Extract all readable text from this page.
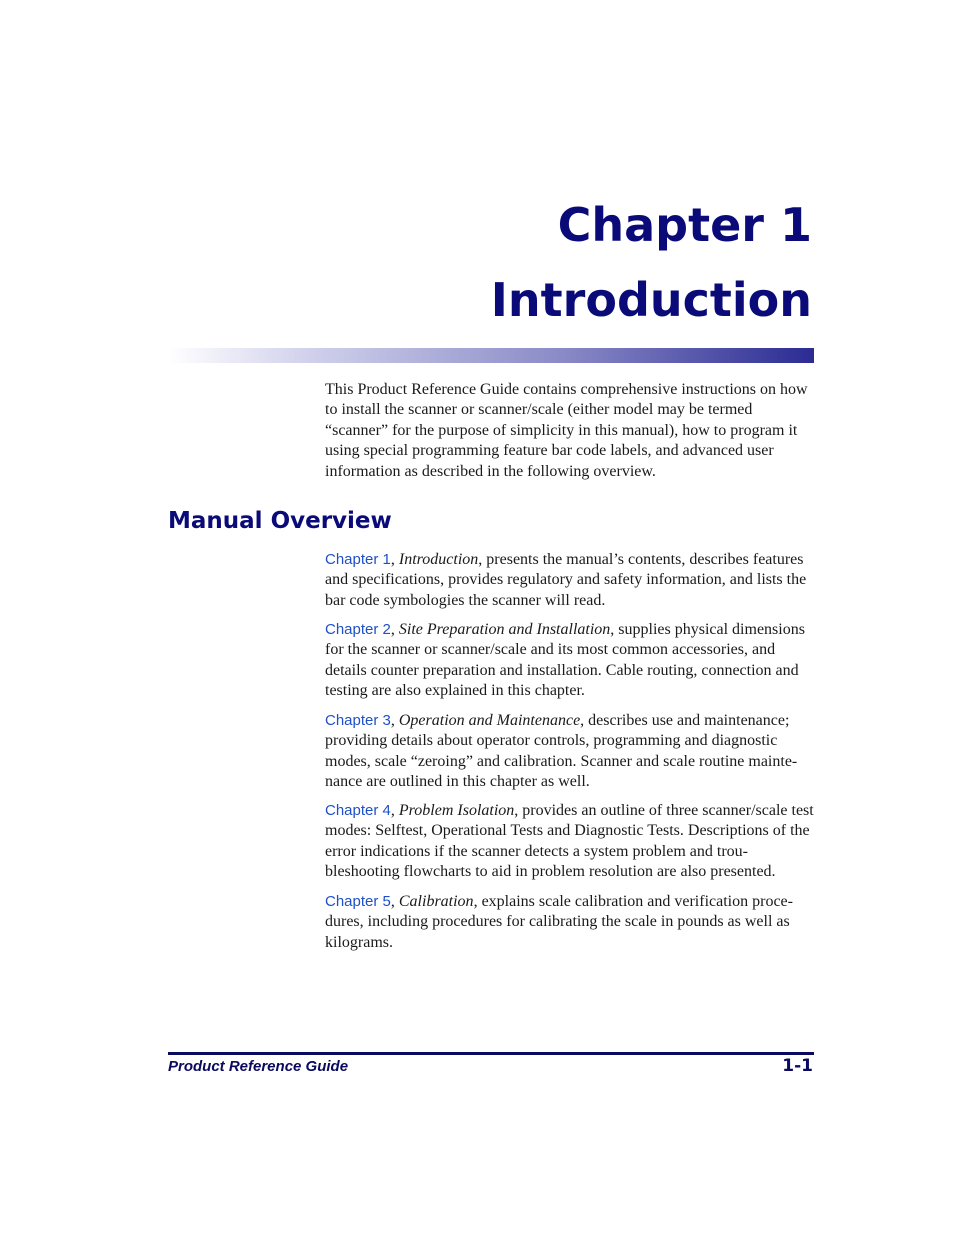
Chapter 1
Introduction

This Product Reference Guide contains comprehensive instructions on how to install the scanner or scanner/scale (either model may be termed “scanner” for the purpose of simplicity in this manual), how to program it using special programming feature bar code labels, and advanced user information as described in the following overview.

Manual Overview

Chapter 1, Introduction, presents the manual’s contents, describes features and specifications, provides regulatory and safety information, and lists the bar code symbologies the scanner will read.

Chapter 2, Site Preparation and Installation, supplies physical dimensions for the scanner or scanner/scale and its most common accessories, and details counter preparation and installation. Cable routing, connection and testing are also explained in this chapter.

Chapter 3, Operation and Maintenance, describes use and maintenance; providing details about operator controls, programming and diagnostic modes, scale “zeroing” and calibration. Scanner and scale routine mainte-nance are outlined in this chapter as well.

Chapter 4, Problem Isolation, provides an outline of three scanner/scale test modes: Selftest, Operational Tests and Diagnostic Tests. Descriptions of the error indications if the scanner detects a system problem and trou-bleshooting flowcharts to aid in problem resolution are also presented.

Chapter 5, Calibration, explains scale calibration and verification proce-dures, including procedures for calibrating the scale in pounds as well as kilograms.

Product Reference Guide	1-1
